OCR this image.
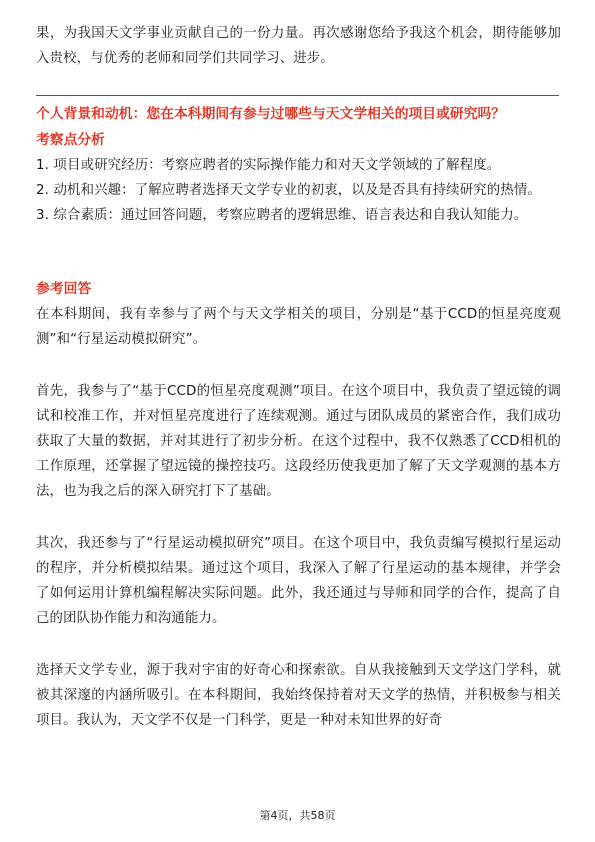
果，为我国天文学事业贡献自己的一份力量。再次感谢您给予我这个机会，期待能够加入贵校，与优秀的老师和同学们共同学习、进步。

个人背景和动机：您在本科期间有参与过哪些与天文学相关的项目或研究吗？

考察点分析

1. 项目或研究经历：考察应聘者的实际操作能力和对天文学领域的了解程度。

2. 动机和兴趣：了解应聘者选择天文学专业的初衷，以及是否具有持续研究的热情。

3. 综合素质：通过回答问题，考察应聘者的逻辑思维、语言表达和自我认知能力。

参考回答

在本科期间，我有幸参与了两个与天文学相关的项目，分别是“基于CCD的恒星亮度观测”和“行星运动模拟研究”。

首先，我参与了“基于CCD的恒星亮度观测”项目。在这个项目中，我负责了望远镜的调试和校准工作，并对恒星亮度进行了连续观测。通过与团队成员的紧密合作，我们成功获取了大量的数据，并对其进行了初步分析。在这个过程中，我不仅熟悉了CCD相机的工作原理，还掌握了望远镜的操控技巧。这段经历使我更加了解了天文学观测的基本方法，也为我之后的深入研究打下了基础。

其次，我还参与了“行星运动模拟研究”项目。在这个项目中，我负责编写模拟行星运动的程序，并分析模拟结果。通过这个项目，我深入了解了行星运动的基本规律，并学会了如何运用计算机编程解决实际问题。此外，我还通过与导师和同学的合作，提高了自己的团队协作能力和沟通能力。

选择天文学专业，源于我对宇宙的好奇心和探索欲。自从我接触到天文学这门学科，就被其深邃的内涵所吸引。在本科期间，我始终保持着对天文学的热情，并积极参与相关项目。我认为，天文学不仅是一门科学，更是一种对未知世界的好奇

第4页，共58页
